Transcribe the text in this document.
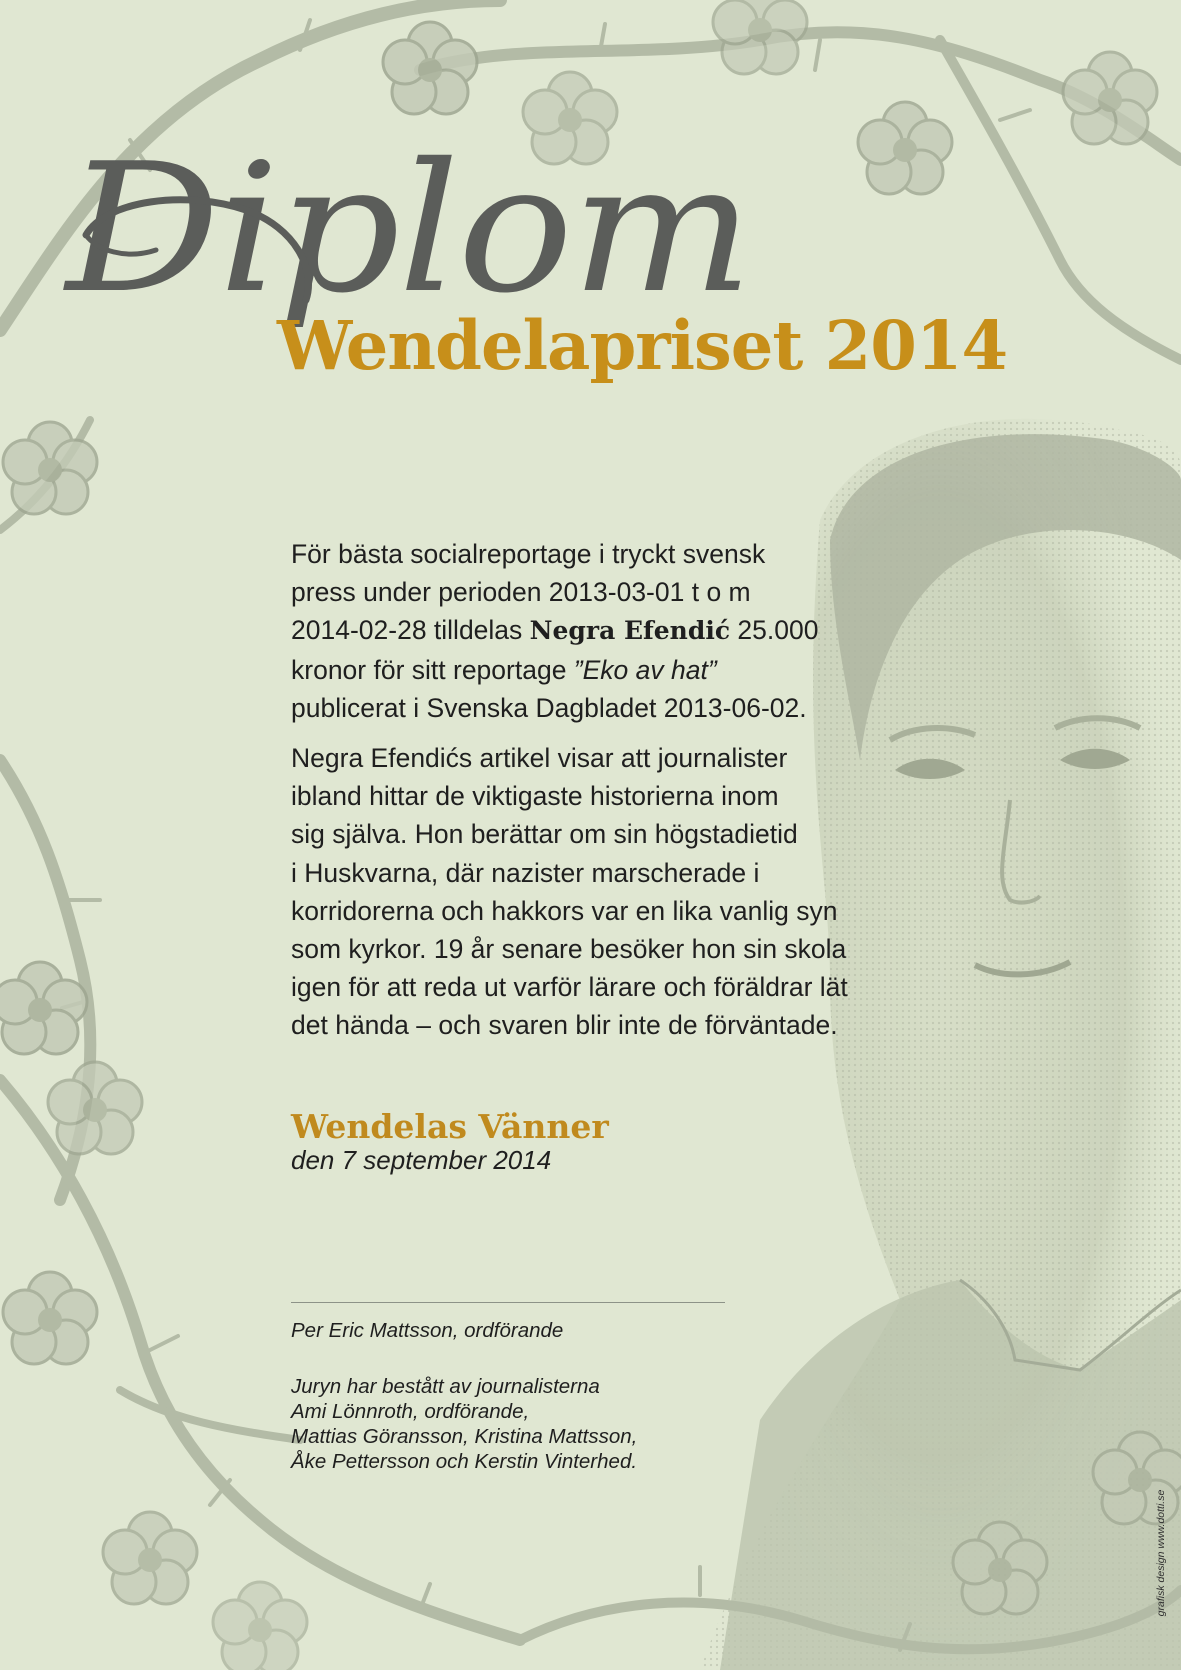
Diplom
Wendelapriset 2014

För bästa socialreportage i tryckt svensk
press under perioden 2013-03-01 t o m
2014-02-28 tilldelas Negra Efendić 25.000
kronor för sitt reportage ”Eko av hat”
publicerat i Svenska Dagbladet 2013-06-02.

Negra Efendićs artikel visar att journalister
ibland hittar de viktigaste historierna inom
sig själva. Hon berättar om sin högstadietid
i Huskvarna, där nazister marscherade i
korridorerna och hakkors var en lika vanlig syn
som kyrkor. 19 år senare besöker hon sin skola
igen för att reda ut varför lärare och föräldrar lät
det hända – och svaren blir inte de förväntade.

Wendelas Vänner
den 7 september 2014
Per Eric Mattsson, ordförande
Juryn har bestått av journalisterna
Ami Lönnroth, ordförande,
Mattias Göransson, Kristina Mattsson,
Åke Pettersson och Kerstin Vinterhed.
grafisk design www.dotti.se
